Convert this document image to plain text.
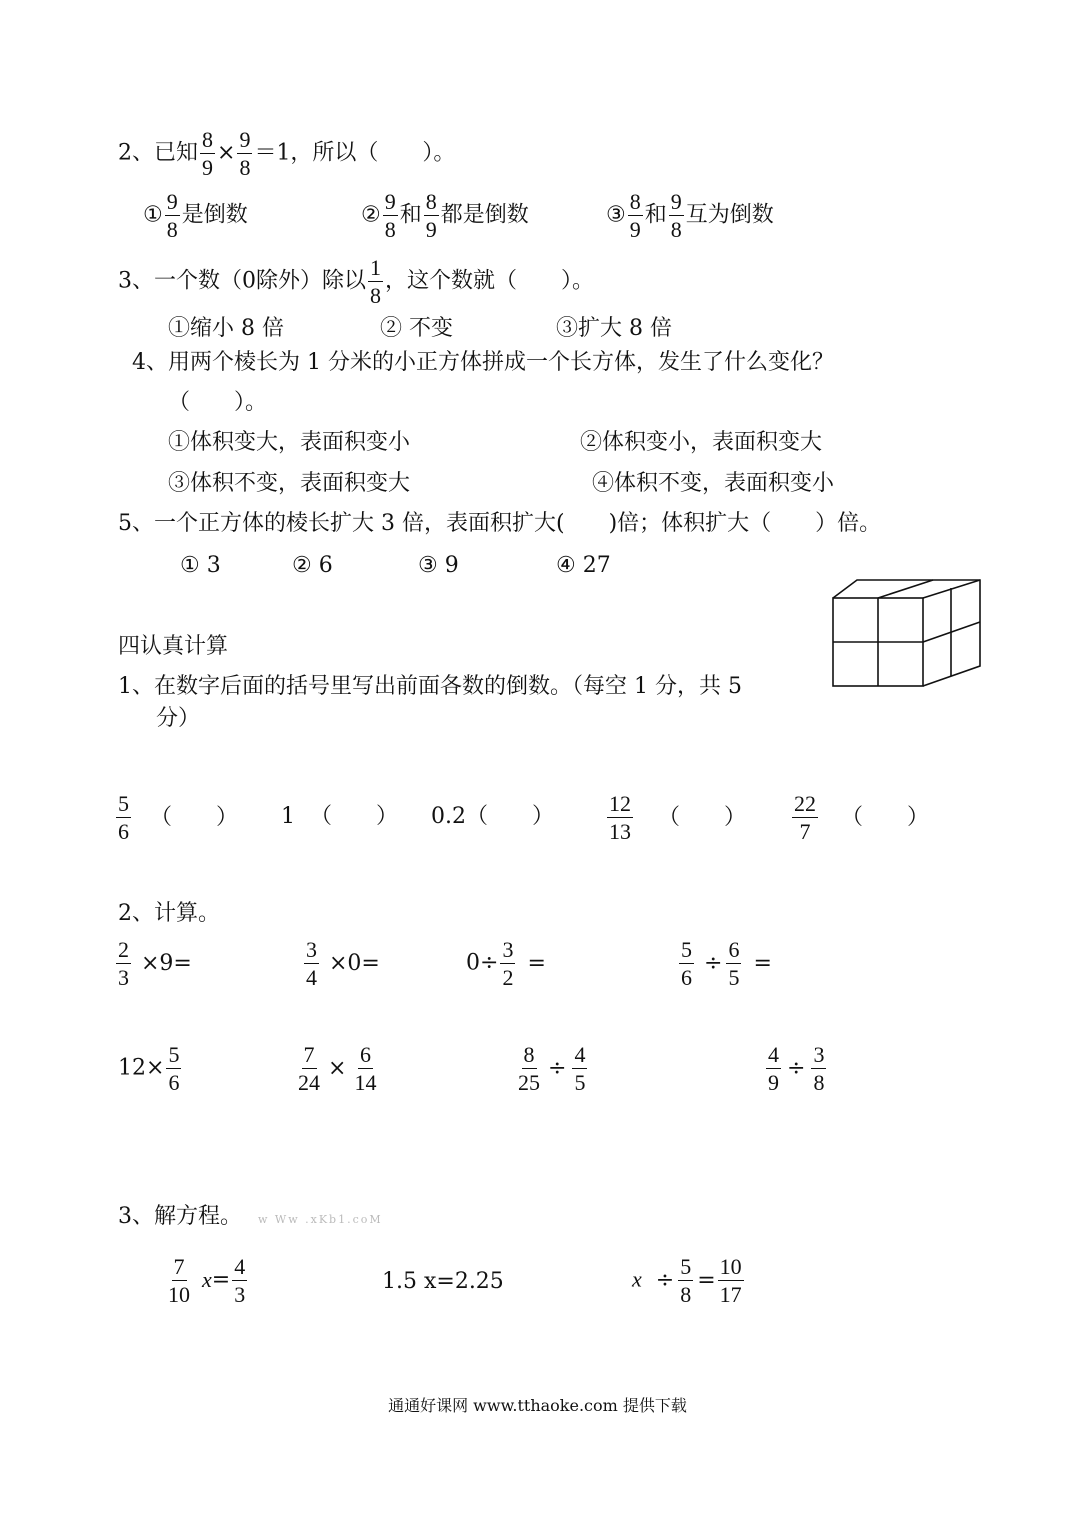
2、已知 $\frac{8}{9} \times \frac{9}{8} =1$，所以（　　）。
① $\frac{9}{8}$ 是倒数	② $\frac{9}{8}$ 和 $\frac{8}{9}$ 都是倒数	③ $\frac{8}{9}$ 和 $\frac{9}{8}$ 互为倒数
3、一个数（0除外）除以 $\frac{1}{8}$ ，这个数就（　　）。
①缩小 8 倍	② 不变	③扩大 8 倍
4、用两个棱长为 1 分米的小正方体拼成一个长方体，发生了什么变化？
（　　）。
①体积变大，表面积变小	②体积变小，表面积变大
③体积不变，表面积变大	④体积不变，表面积变小
5、一个正方体的棱长扩大 3 倍，表面积扩大(　　)倍；体积扩大（　　）倍。
① 3	② 6	③ 9	④ 27
四认真计算
1、在数字后面的括号里写出前面各数的倒数。（每空 1 分，共 5
分）
$\frac{5}{6}$ （　　） 1 （　　） 0.2（　　） $\frac{12}{13}$ （　　） $\frac{22}{7}$ （　　）
2、计算。
$\frac{2}{3} \times 9=$	$\frac{3}{4} \times 0=$	$0\div \frac{3}{2}$ =	$\frac{5}{6} \div \frac{6}{5}$ =
$12\times \frac{5}{6}$	$\frac{7}{24} \times \frac{6}{14}$	$\frac{8}{25} \div \frac{4}{5}$	$\frac{4}{9} \div \frac{3}{8}$
3、解方程。 w Ww .xKb1.coM
$\frac{7}{10} x= \frac{4}{3}$	1.5 x=2.25	$x \div \frac{5}{8} = \frac{10}{17}$
通通好课网 www.tthaoke.com 提供下载
